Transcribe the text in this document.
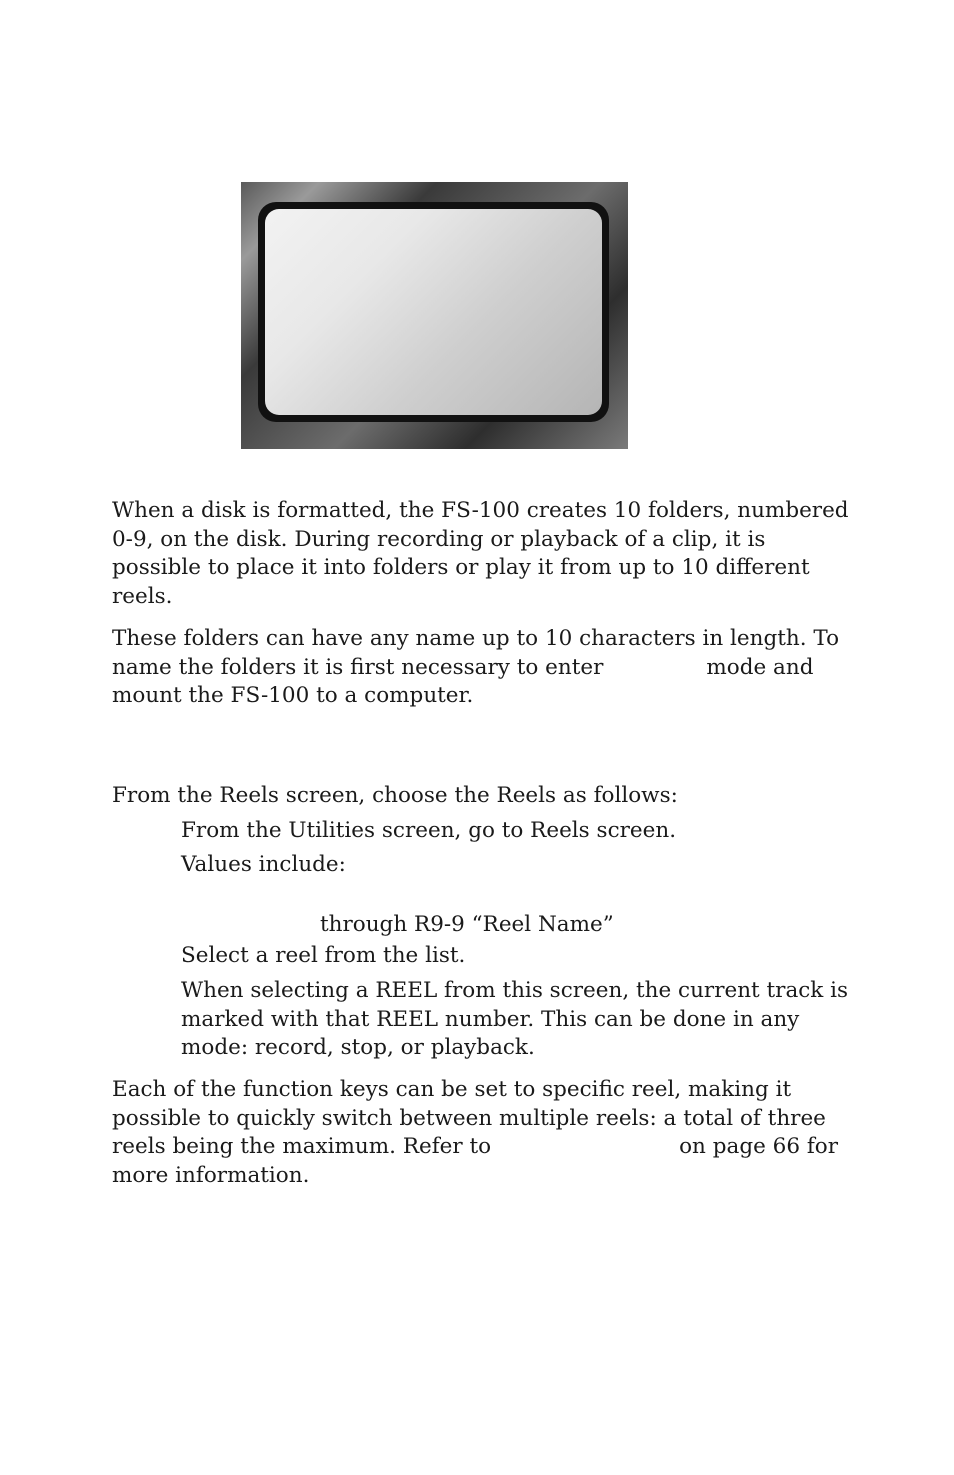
When a disk is formatted, the FS-100 creates 10 folders, numbered
0-9, on the disk. During recording or playback of a clip, it is
possible to place it into folders or play it from up to 10 different
reels.
These folders can have any name up to 10 characters in length. To
name the folders it is first necessary to enter	mode and
mount the FS-100 to a computer.
From the Reels screen, choose the Reels as follows:
From the Utilities screen, go to Reels screen.
Values include:
through R9-9 “Reel Name”
Select a reel from the list.
When selecting a REEL from this screen, the current track is
marked with that REEL number. This can be done in any
mode: record, stop, or playback.
Each of the function keys can be set to specific reel, making it
possible to quickly switch between multiple reels: a total of three
reels being the maximum. Refer to	on page 66 for
more information.
